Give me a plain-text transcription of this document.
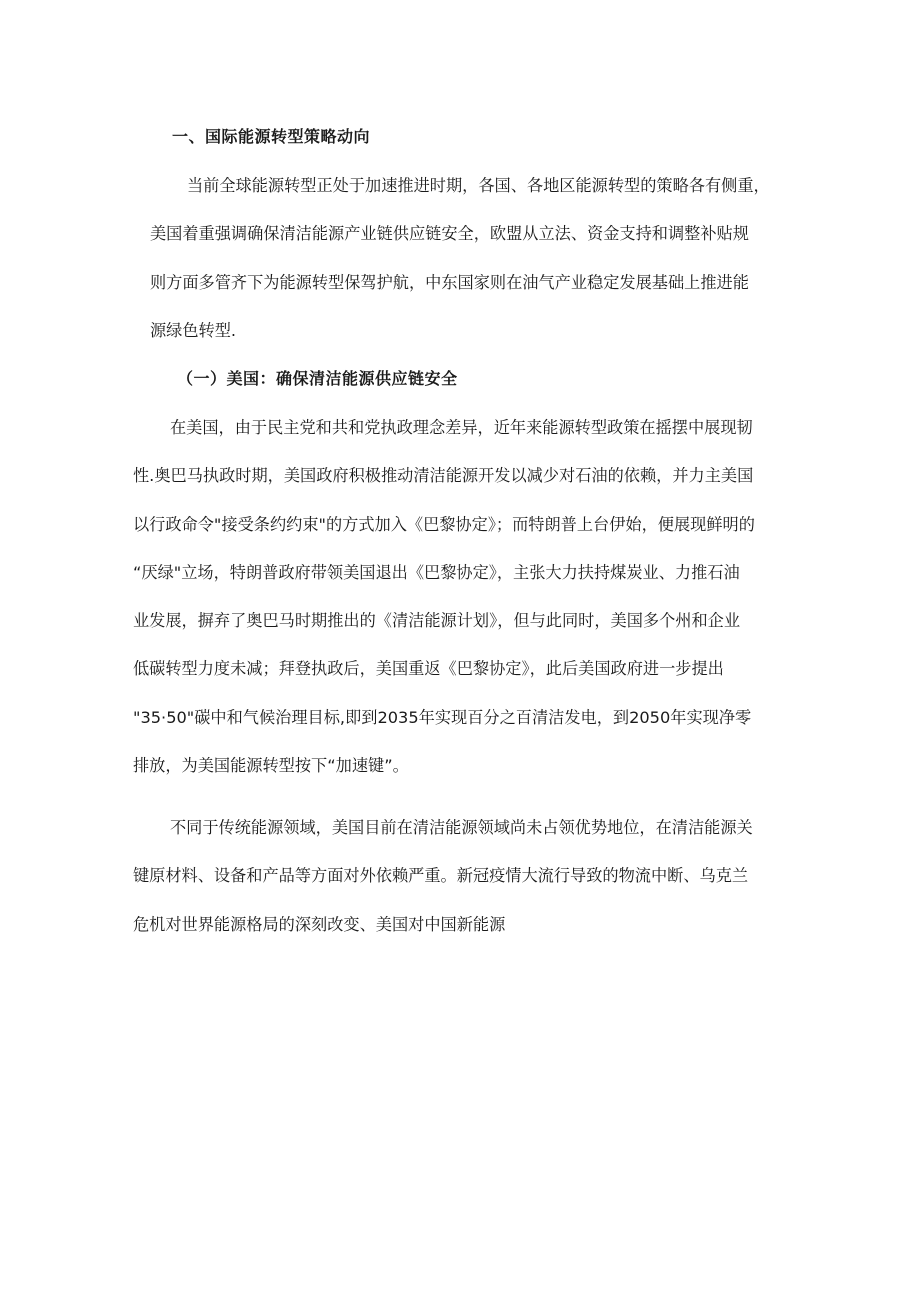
一、国际能源转型策略动向

当前全球能源转型正处于加速推进时期，各国、各地区能源转型的策略各有侧重，
美国着重强调确保清洁能源产业链供应链安全，欧盟从立法、资金支持和调整补贴规
则方面多管齐下为能源转型保驾护航，中东国家则在油气产业稳定发展基础上推进能
源绿色转型.

（一）美国：确保清洁能源供应链安全

在美国，由于民主党和共和党执政理念差异，近年来能源转型政策在摇摆中展现韧
性.奥巴马执政时期，美国政府积极推动清洁能源开发以减少对石油的依赖，并力主美国
以行政命令"接受条约约束"的方式加入《巴黎协定》；而特朗普上台伊始，便展现鲜明的
“厌绿"立场，特朗普政府带领美国退出《巴黎协定》，主张大力扶持煤炭业、力推石油
业发展，摒弃了奥巴马时期推出的《清洁能源计划》，但与此同时，美国多个州和企业
低碳转型力度未减；拜登执政后，美国重返《巴黎协定》，此后美国政府进一步提出
"35·50"碳中和气候治理目标,即到2035年实现百分之百清洁发电，到2050年实现净零
排放，为美国能源转型按下“加速键”。

不同于传统能源领域，美国目前在清洁能源领域尚未占领优势地位，在清洁能源关
键原材料、设备和产品等方面对外依赖严重。新冠疫情大流行导致的物流中断、乌克兰
危机对世界能源格局的深刻改变、美国对中国新能源
